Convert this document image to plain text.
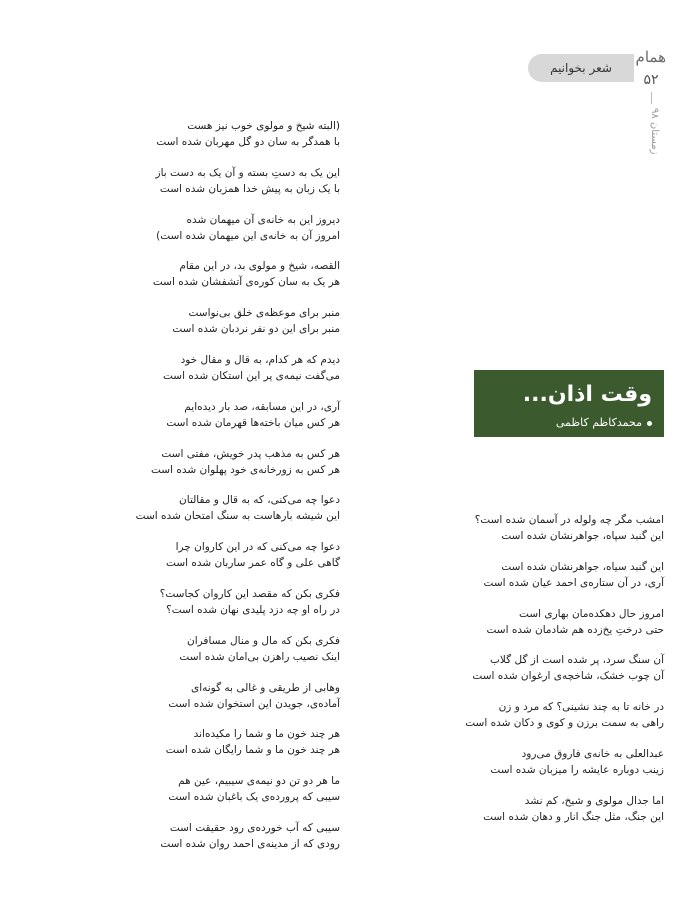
شعر بخوانیم
همام
۵۲
زمستان ۹۸
(البته شیخ و مولوی خوب نیز هست
با همدگر به سان دو گل مهربان شده است
این یک به دستِ بسته و آن یک به دست باز
با یک زبان به پیش خدا همزبان شده است
دیروز این به خانه‌ی آن میهمان شده
امروز آن به خانه‌ی این میهمان شده است)
القصه، شیخ و مولوی بد، در این مقام
هر یک به سان کوره‌ی آتشفشان شده است
منبر برای موعظه‌ی خلق بی‌نواست
منبر برای این دو نفر نردبان شده است
دیدم که هر کدام، به قال و مقال خود
می‌گفت نیمه‌ی پر این استکان شده است
آری، در این مسابقه، صد بار دیده‌ایم
هر کس میان باخته‌ها قهرمان شده است
هر کس به مذهب پدر خویش، مفتی است
هر کس به زورخانه‌ی خود پهلوان شده است
دعوا چه می‌کنی، که به قال و مقالتان
این شیشه بارهاست به سنگ امتحان شده است
دعوا چه می‌کنی که در این کاروان چرا
گاهی علی و گاه عمر ساربان شده است
فکری بکن که مقصد این کاروان کجاست؟
در راه او چه دزد پلیدی نهان شده است؟
فکری بکن که مال و منال مسافران
اینک نصیب راهزن بی‌امان شده است
وهابی از طریقی و غالی به گونه‌ای
آماده‌ی، جویدن این استخوان شده است
هر چند خون ما و شما را مکیده‌اند
هر چند خون ما و شما رایگان شده است
ما هر دو تن دو نیمه‌ی سیبیم، عین هم
سیبی که پرورده‌ی یک باغبان شده است
سیبی که آب خورده‌ی رود حقیقت است
رودی که از مدینه‌ی احمد روان شده است
وقت اذان...
محمدکاظم کاظمی
امشب مگر چه ولوله در آسمان شده است؟
این گنبد سپاه، جواهرنشان شده است
این گنبد سیاه، جواهرنشان شده است
آری، در آن ستاره‌ی احمد عیان شده است
امروز حال دهکده‌مان بهاری است
حتی درختِ یخ‌زده هم شادمان شده است
آن سنگ سرد، پر شده است از گل گلاب
آن چوب خشک، شاخچه‌ی ارغوان شده است
در خانه تا به چند نشینی؟ که مرد و زن
راهی به سمت برزن و کوی و دکان شده است
عبدالعلی به خانه‌ی فاروق می‌رود
زینب دوباره عایشه را میزبان شده است
اما جدال مولوی و شیخ، کم نشد
این جنگ، مثل جنگ انار و دهان شده است
